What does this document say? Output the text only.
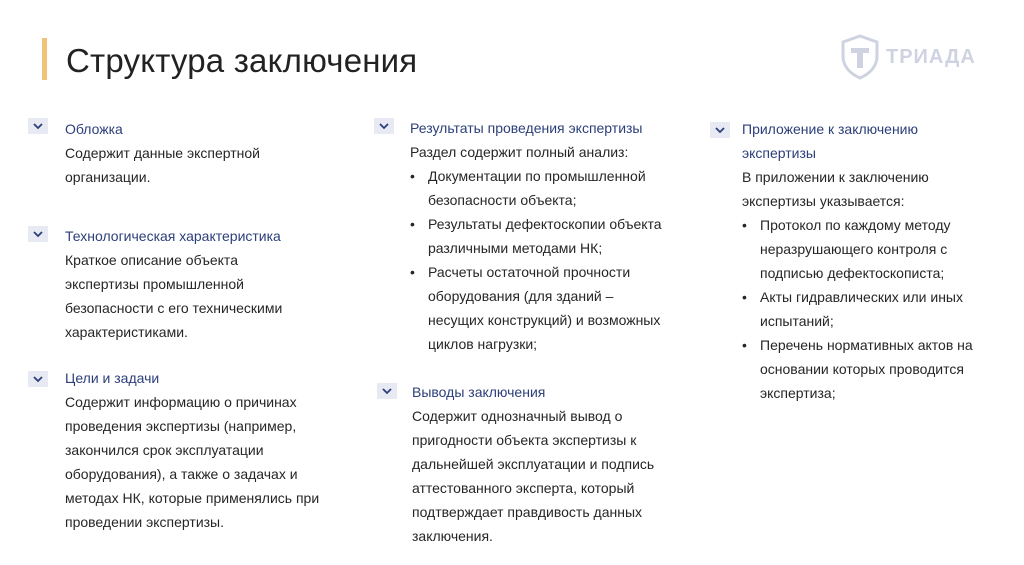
Структура заключения	ТРИАДА
Обложка
Содержит данные экспертной
организации.
Технологическая характеристика
Краткое описание объекта
экспертизы промышленной
безопасности с его техническими
характеристиками.
Цели и задачи
Содержит информацию о причинах
проведения экспертизы (например,
закончился срок эксплуатации
оборудования), а также о задачах и
методах НК, которые применялись при
проведении экспертизы.
Результаты проведения экспертизы
Раздел содержит полный анализ:
• Документации по промышленной
безопасности объекта;
• Результаты дефектоскопии объекта
различными методами НК;
• Расчеты остаточной прочности
оборудования (для зданий –
несущих конструкций) и возможных
циклов нагрузки;
Выводы заключения
Содержит однозначный вывод о
пригодности объекта экспертизы к
дальнейшей эксплуатации и подпись
аттестованного эксперта, который
подтверждает правдивость данных
заключения.
Приложение к заключению
экспертизы
В приложении к заключению
экспертизы указывается:
• Протокол по каждому методу
неразрушающего контроля с
подписью дефектоскописта;
• Акты гидравлических или иных
испытаний;
• Перечень нормативных актов на
основании которых проводится
экспертиза;
